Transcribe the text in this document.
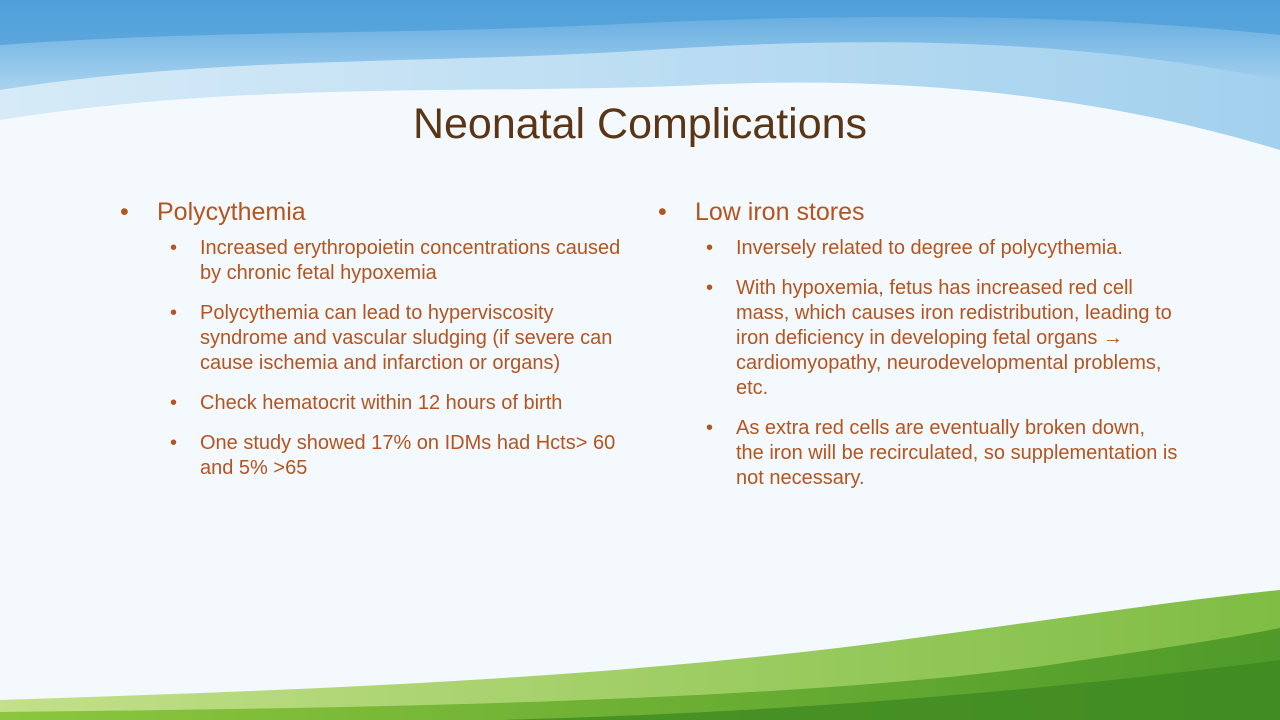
Neonatal Complications
• Polycythemia
• Increased erythropoietin concentrations caused by chronic fetal hypoxemia
• Polycythemia can lead to hyperviscosity syndrome and vascular sludging (if severe can cause ischemia and infarction or organs)
• Check hematocrit within 12 hours of birth
• One study showed 17% on IDMs had Hcts> 60 and 5% >65
• Low iron stores
• Inversely related to degree of polycythemia.
• With hypoxemia, fetus has increased red cell mass, which causes iron redistribution, leading to iron deficiency in developing fetal organs → cardiomyopathy, neurodevelopmental problems, etc.
• As extra red cells are eventually broken down, the iron will be recirculated, so supplementation is not necessary.
